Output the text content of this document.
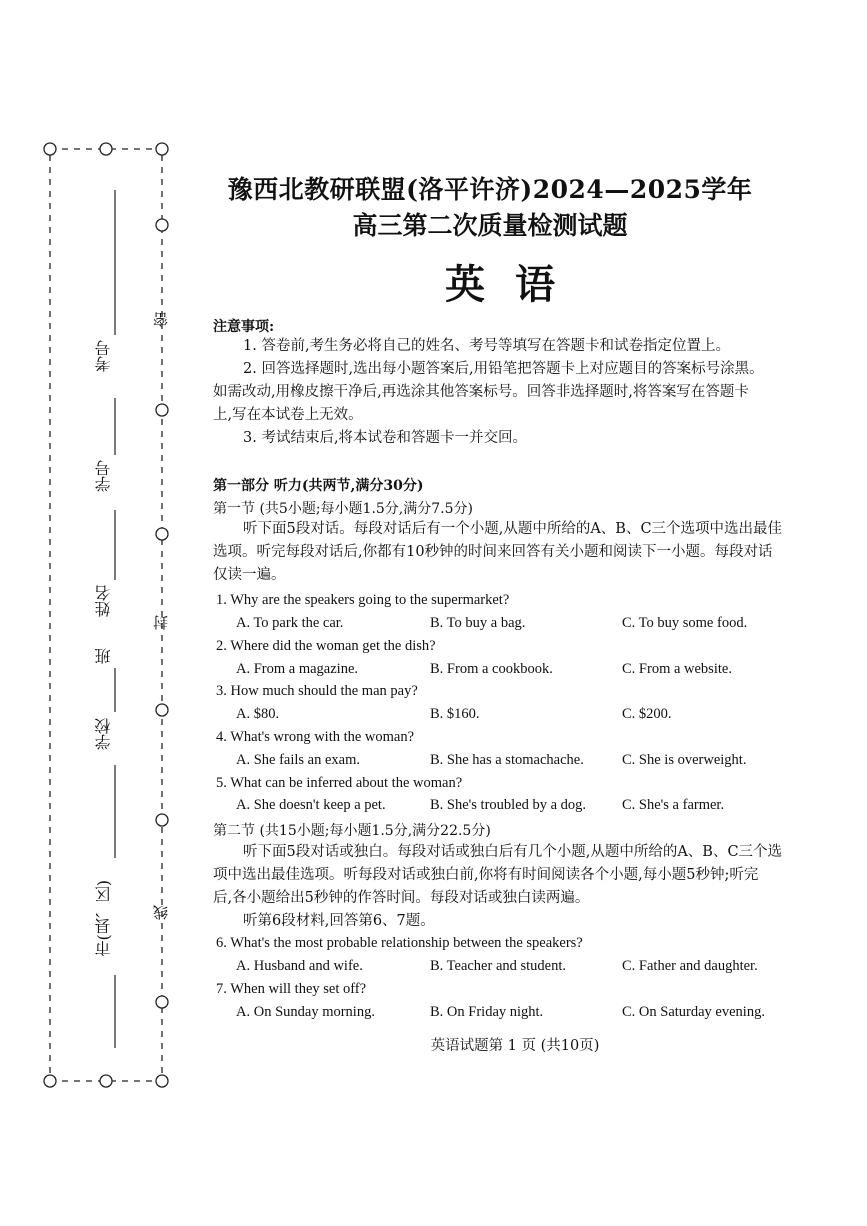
考号
学号
姓名
班
学校
市(县、区)
密
封
线
豫西北教研联盟(洛平许济)2024—2025学年
高三第二次质量检测试题
英语
注意事项:
1. 答卷前,考生务必将自己的姓名、考号等填写在答题卡和试卷指定位置上。
2. 回答选择题时,选出每小题答案后,用铅笔把答题卡上对应题目的答案标号涂黑。
如需改动,用橡皮擦干净后,再选涂其他答案标号。回答非选择题时,将答案写在答题卡
上,写在本试卷上无效。
3. 考试结束后,将本试卷和答题卡一并交回。
第一部分 听力(共两节,满分30分)
第一节 (共5小题;每小题1.5分,满分7.5分)
听下面5段对话。每段对话后有一个小题,从题中所给的A、B、C三个选项中选出最佳
选项。听完每段对话后,你都有10秒钟的时间来回答有关小题和阅读下一小题。每段对话
仅读一遍。
1. Why are the speakers going to the supermarket?
A. To park the car.	B. To buy a bag.	C. To buy some food.
2. Where did the woman get the dish?
A. From a magazine.	B. From a cookbook.	C. From a website.
3. How much should the man pay?
A. $80.	B. $160.	C. $200.
4. What's wrong with the woman?
A. She fails an exam.	B. She has a stomachache.	C. She is overweight.
5. What can be inferred about the woman?
A. She doesn't keep a pet.	B. She's troubled by a dog. C. She's a farmer.
第二节 (共15小题;每小题1.5分,满分22.5分)
听下面5段对话或独白。每段对话或独白后有几个小题,从题中所给的A、B、C三个选
项中选出最佳选项。听每段对话或独白前,你将有时间阅读各个小题,每小题5秒钟;听完
后,各小题给出5秒钟的作答时间。每段对话或独白读两遍。
听第6段材料,回答第6、7题。
6. What's the most probable relationship between the speakers?
A. Husband and wife.	B. Teacher and student.	C. Father and daughter.
7. When will they set off?
A. On Sunday morning.	B. On Friday night.	C. On Saturday evening.
英语试题第 1 页 (共10页)
